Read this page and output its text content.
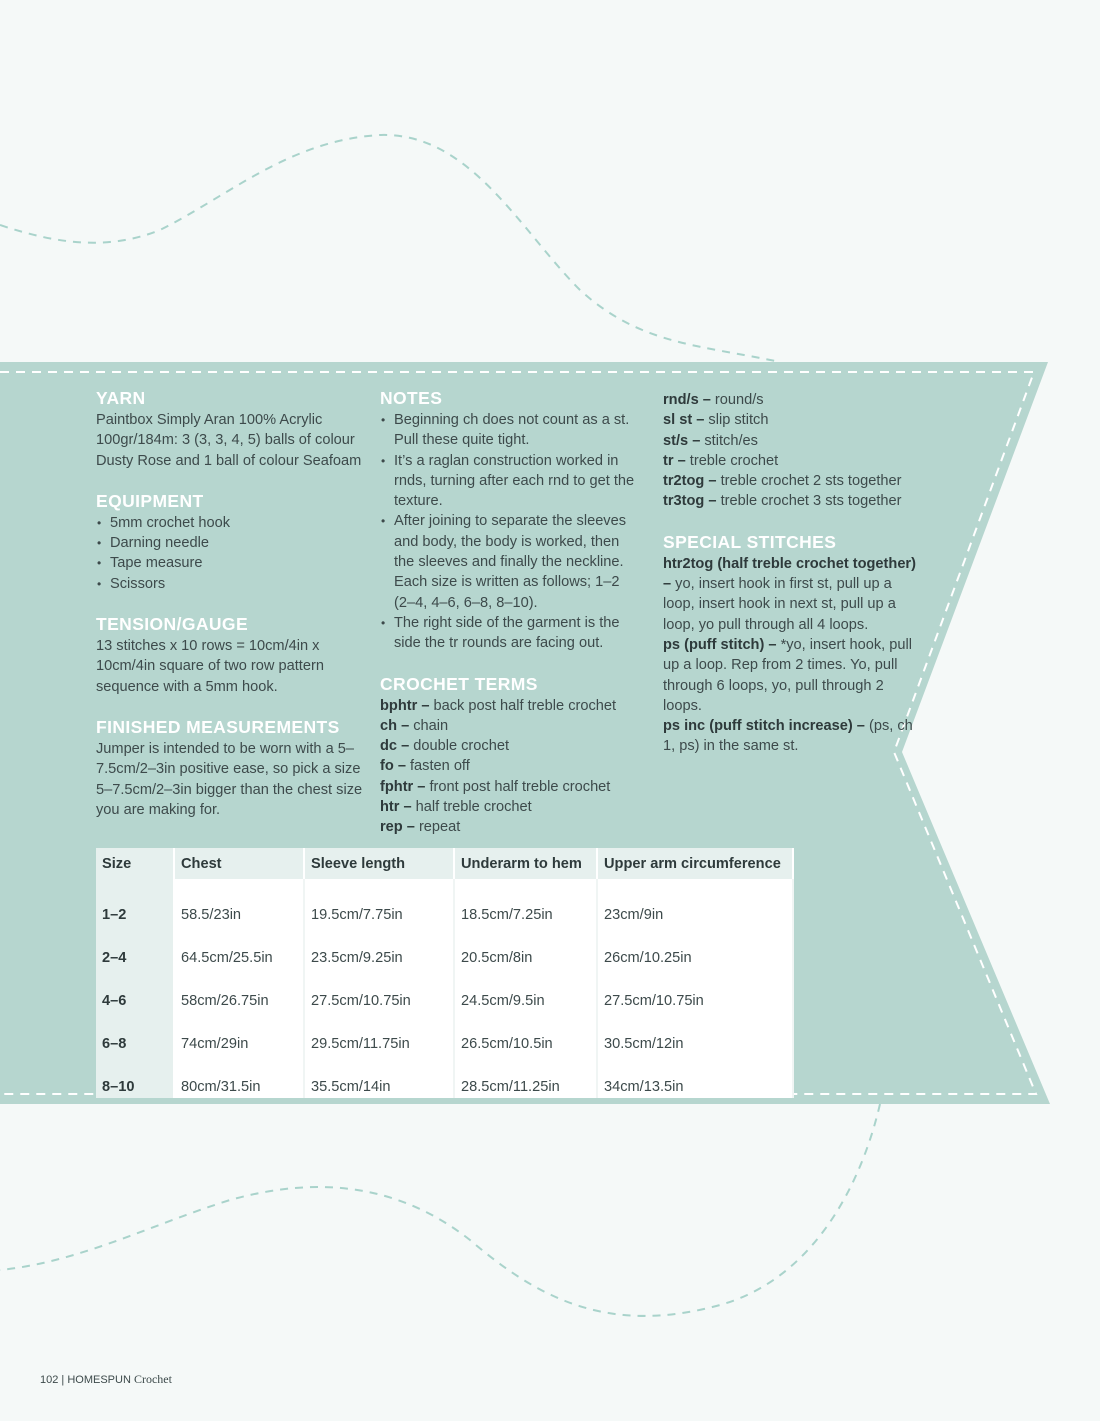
YARN

Paintbox Simply Aran 100% Acrylic 100gr/184m: 3 (3, 3, 4, 5) balls of colour Dusty Rose and 1 ball of colour Seafoam

EQUIPMENT
• 5mm crochet hook
• Darning needle
• Tape measure
• Scissors
TENSION/GAUGE

13 stitches x 10 rows = 10cm/4in x 10cm/4in square of two row pattern sequence with a 5mm hook.

FINISHED MEASUREMENTS

Jumper is intended to be worn with a 5–7.5cm/2–3in positive ease, so pick a size 5–7.5cm/2–3in bigger than the chest size you are making for.

NOTES
• Beginning ch does not count as a st. Pull these quite tight.
• It’s a raglan construction worked in rnds, turning after each rnd to get the texture.
• After joining to separate the sleeves and body, the body is worked, then the sleeves and finally the neckline. Each size is written as follows; 1–2 (2–4, 4–6, 6–8, 8–10).
• The right side of the garment is the side the tr rounds are facing out.
CROCHET TERMS

bphtr – back post half treble crochet

ch – chain

dc – double crochet

fo – fasten off

fphtr – front post half treble crochet

htr – half treble crochet

rep – repeat

rnd/s – round/s

sl st – slip stitch

st/s – stitch/es

tr – treble crochet

tr2tog – treble crochet 2 sts together

tr3tog – treble crochet 3 sts together

SPECIAL STITCHES

htr2tog (half treble crochet together) – yo, insert hook in first st, pull up a loop, insert hook in next st, pull up a loop, yo pull through all 4 loops.

ps (puff stitch) – *yo, insert hook, pull up a loop. Rep from 2 times. Yo, pull through 6 loops, yo, pull through 2 loops.

ps inc (puff stitch increase) – (ps, ch 1, ps) in the same st.

Size	Chest	Sleeve length	Underarm to hem	Upper arm circumference
1–2	58.5/23in	19.5cm/7.75in	18.5cm/7.25in	23cm/9in
2–4	64.5cm/25.5in	23.5cm/9.25in	20.5cm/8in	26cm/10.25in
4–6	58cm/26.75in	27.5cm/10.75in	24.5cm/9.5in	27.5cm/10.75in
6–8	74cm/29in	29.5cm/11.75in	26.5cm/10.5in	30.5cm/12in
8–10	80cm/31.5in	35.5cm/14in	28.5cm/11.25in	34cm/13.5in
102 | HOMESPUN Crochet
